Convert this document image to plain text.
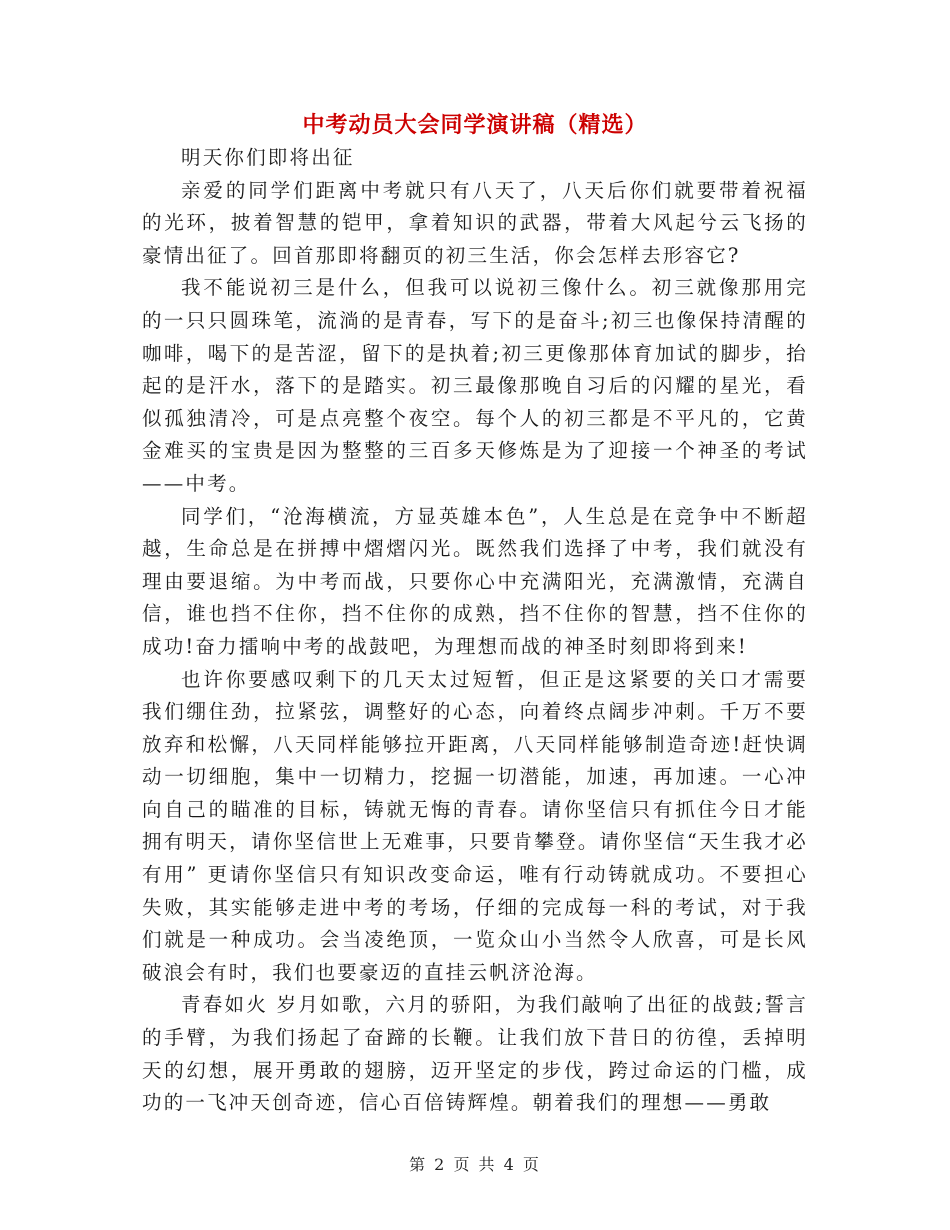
中考动员大会同学演讲稿（精选）

明天你们即将出征

亲爱的同学们距离中考就只有八天了，八天后你们就要带着祝福的光环，披着智慧的铠甲，拿着知识的武器，带着大风起兮云飞扬的豪情出征了。回首那即将翻页的初三生活，你会怎样去形容它?

我不能说初三是什么，但我可以说初三像什么。初三就像那用完的一只只圆珠笔，流淌的是青春，写下的是奋斗;初三也像保持清醒的咖啡，喝下的是苦涩，留下的是执着;初三更像那体育加试的脚步，抬起的是汗水，落下的是踏实。初三最像那晚自习后的闪耀的星光，看似孤独清冷，可是点亮整个夜空。每个人的初三都是不平凡的，它黄金难买的宝贵是因为整整的三百多天修炼是为了迎接一个神圣的考试——中考。

同学们，“沧海横流，方显英雄本色”，人生总是在竞争中不断超越，生命总是在拼搏中熠熠闪光。既然我们选择了中考，我们就没有理由要退缩。为中考而战，只要你心中充满阳光，充满激情，充满自信，谁也挡不住你，挡不住你的成熟，挡不住你的智慧，挡不住你的成功!奋力擂响中考的战鼓吧，为理想而战的神圣时刻即将到来!

也许你要感叹剩下的几天太过短暂，但正是这紧要的关口才需要我们绷住劲，拉紧弦，调整好的心态，向着终点阔步冲刺。千万不要放弃和松懈，八天同样能够拉开距离，八天同样能够制造奇迹!赶快调动一切细胞，集中一切精力，挖掘一切潜能，加速，再加速。一心冲向自己的瞄准的目标，铸就无悔的青春。请你坚信只有抓住今日才能拥有明天，请你坚信世上无难事，只要肯攀登。请你坚信“天生我才必有用” 更请你坚信只有知识改变命运，唯有行动铸就成功。不要担心失败，其实能够走进中考的考场，仔细的完成每一科的考试，对于我们就是一种成功。会当凌绝顶，一览众山小当然令人欣喜，可是长风破浪会有时，我们也要豪迈的直挂云帆济沧海。

青春如火 岁月如歌，六月的骄阳，为我们敲响了出征的战鼓;誓言的手臂，为我们扬起了奋蹄的长鞭。让我们放下昔日的彷徨，丢掉明天的幻想，展开勇敢的翅膀，迈开坚定的步伐，跨过命运的门槛，成功的一飞冲天创奇迹，信心百倍铸辉煌。朝着我们的理想——勇敢

第 2 页 共 4 页
